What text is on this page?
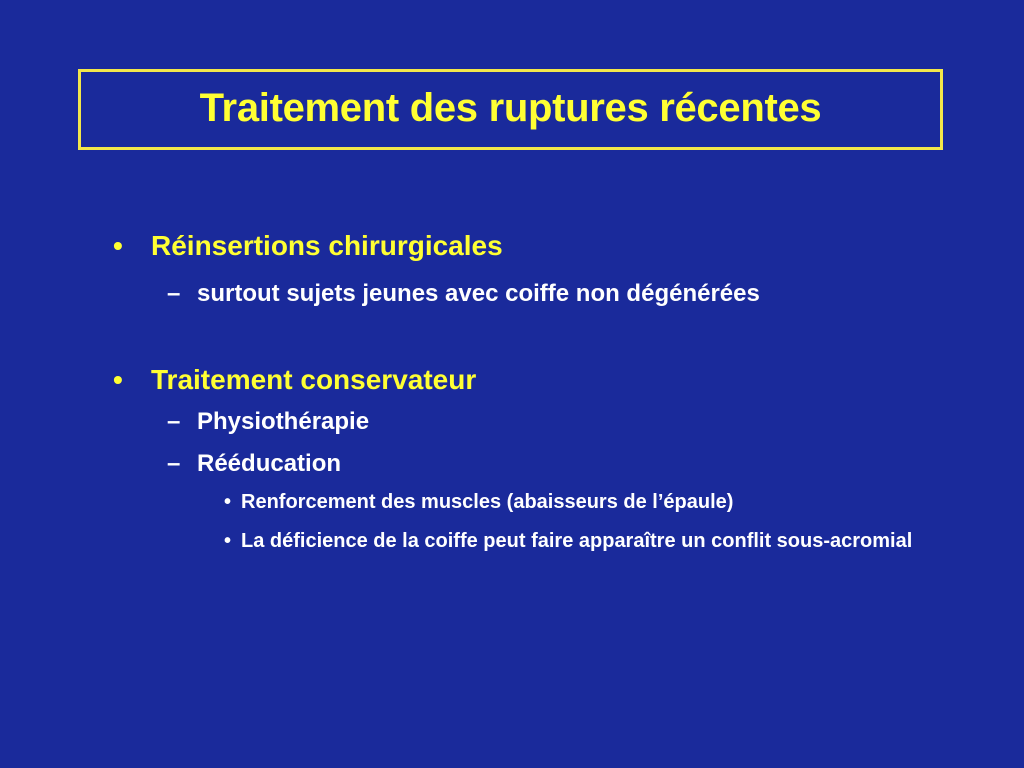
Traitement des ruptures récentes
•	Réinsertions chirurgicales
– surtout sujets jeunes avec coiffe non dégénérées
•	Traitement conservateur
– Physiothérapie
– Rééducation
• Renforcement des muscles (abaisseurs de l’épaule)
• La déficience de la coiffe peut faire apparaître un conflit sous-acromial
